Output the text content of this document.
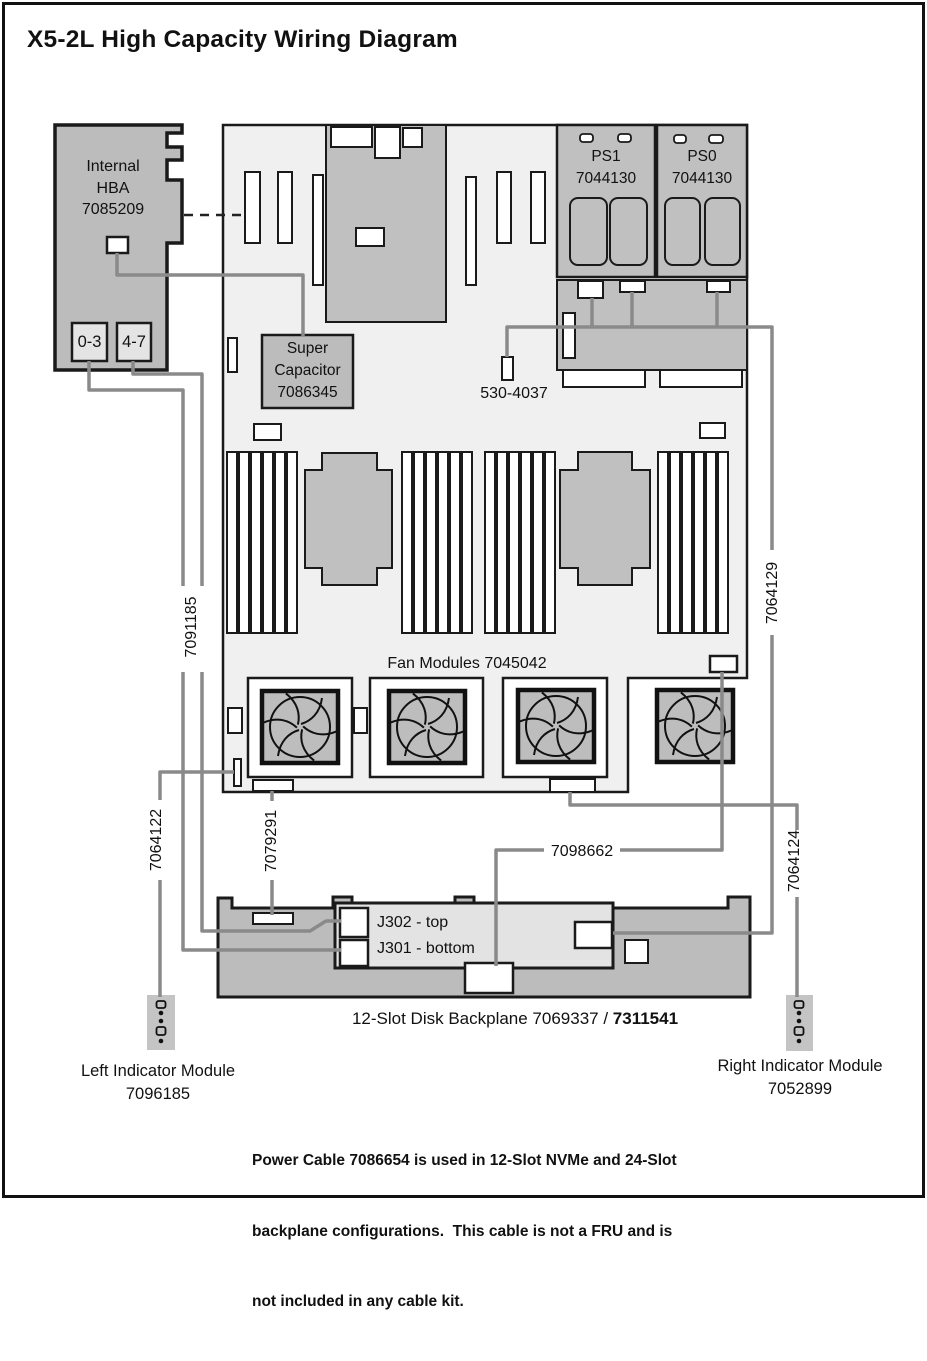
X5-2L High Capacity Wiring Diagram
Internal
HBA
7085209
0-3	4-7	Super
Capacitor
7086345
PS1
7044130
PS0
7044130
530-4037
Fan Modules 7045042
7091185
7064122	7079291
7064129
7064124
7098662
J302 - top
J301 - bottom
12-Slot Disk Backplane 7069337 / 7311541
Left Indicator Module
7096185
Right Indicator Module
7052899

Power Cable 7086654 is used in 12-Slot NVMe and 24-Slot

backplane configurations.  This cable is not a FRU and is

not included in any cable kit.
